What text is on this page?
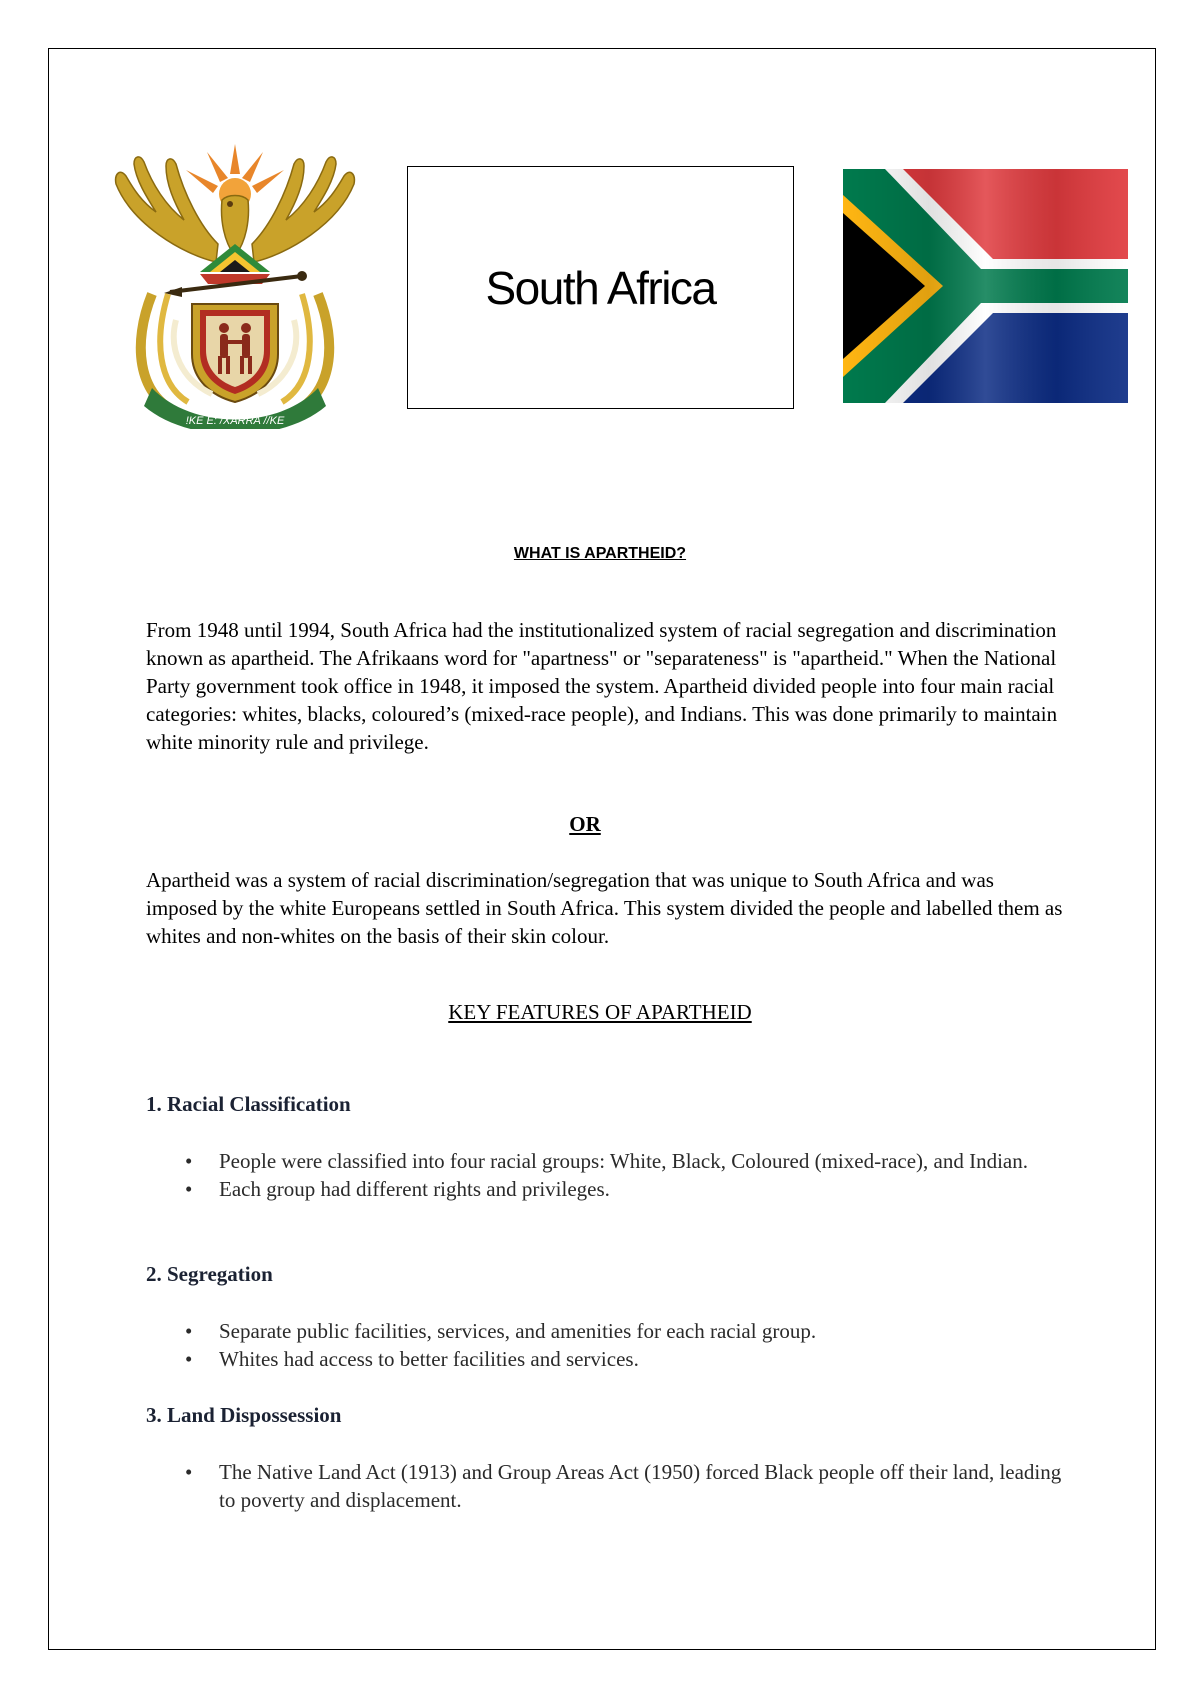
!KE E: /XARRA //KE
South Africa
WHAT IS APARTHEID?

From 1948 until 1994, South Africa had the institutionalized system of racial segregation and discrimination known as apartheid. The Afrikaans word for "apartness" or "separateness" is "apartheid." When the National Party government took office in 1948, it imposed the system. Apartheid divided people into four main racial categories: whites, blacks, coloured’s (mixed-race people), and Indians. This was done primarily to maintain white minority rule and privilege.

OR

Apartheid was a system of racial discrimination/segregation that was unique to South Africa and was imposed by the white Europeans settled in South Africa. This system divided the people and labelled them as whites and non-whites on the basis of their skin colour.

KEY FEATURES OF APARTHEID
1. Racial Classification
• People were classified into four racial groups: White, Black, Coloured (mixed-race), and Indian.
• Each group had different rights and privileges.
2. Segregation
• Separate public facilities, services, and amenities for each racial group.
• Whites had access to better facilities and services.
3. Land Dispossession
• The Native Land Act (1913) and Group Areas Act (1950) forced Black people off their land, leading to poverty and displacement.
